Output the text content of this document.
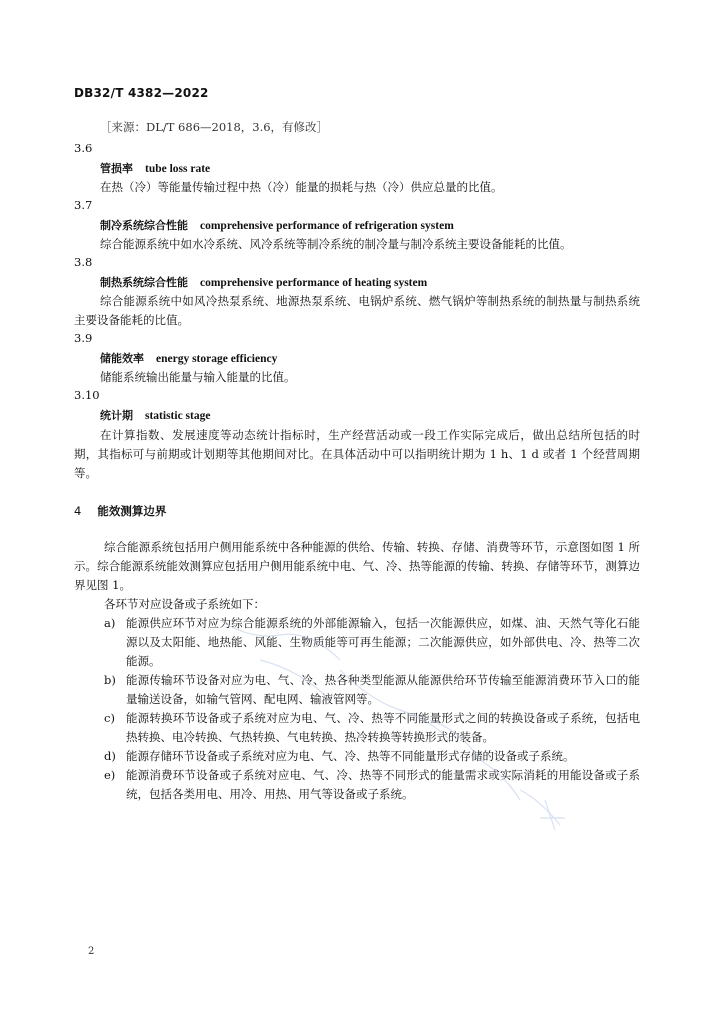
DB32/T 4382—2022
［来源：DL/T 686—2018，3.6，有修改］
3.6
管损率 tube loss rate
在热（冷）等能量传输过程中热（冷）能量的损耗与热（冷）供应总量的比值。
3.7
制冷系统综合性能 comprehensive performance of refrigeration system
综合能源系统中如水冷系统、风冷系统等制冷系统的制冷量与制冷系统主要设备能耗的比值。
3.8
制热系统综合性能 comprehensive performance of heating system
综合能源系统中如风冷热泵系统、地源热泵系统、电锅炉系统、燃气锅炉等制热系统的制热量与制热系统主要设备能耗的比值。
3.9
储能效率 energy storage efficiency
储能系统输出能量与输入能量的比值。
3.10
统计期 statistic stage
在计算指数、发展速度等动态统计指标时，生产经营活动或一段工作实际完成后，做出总结所包括的时期，其指标可与前期或计划期等其他期间对比。在具体活动中可以指明统计期为 1 h、1 d 或者 1 个经营周期等。
4 能效测算边界
综合能源系统包括用户侧用能系统中各种能源的供给、传输、转换、存储、消费等环节，示意图如图 1 所示。综合能源系统能效测算应包括用户侧用能系统中电、气、冷、热等能源的传输、转换、存储等环节，测算边界见图 1。
各环节对应设备或子系统如下：
a) 能源供应环节对应为综合能源系统的外部能源输入，包括一次能源供应，如煤、油、天然气等化石能源以及太阳能、地热能、风能、生物质能等可再生能源；二次能源供应，如外部供电、冷、热等二次能源。
b) 能源传输环节设备对应为电、气、冷、热各种类型能源从能源供给环节传输至能源消费环节入口的能量输送设备，如输气管网、配电网、输液管网等。
c) 能源转换环节设备或子系统对应为电、气、冷、热等不同能量形式之间的转换设备或子系统，包括电热转换、电冷转换、气热转换、气电转换、热冷转换等转换形式的装备。
d) 能源存储环节设备或子系统对应为电、气、冷、热等不同能量形式存储的设备或子系统。
e) 能源消费环节设备或子系统对应电、气、冷、热等不同形式的能量需求或实际消耗的用能设备或子系统，包括各类用电、用冷、用热、用气等设备或子系统。
2
